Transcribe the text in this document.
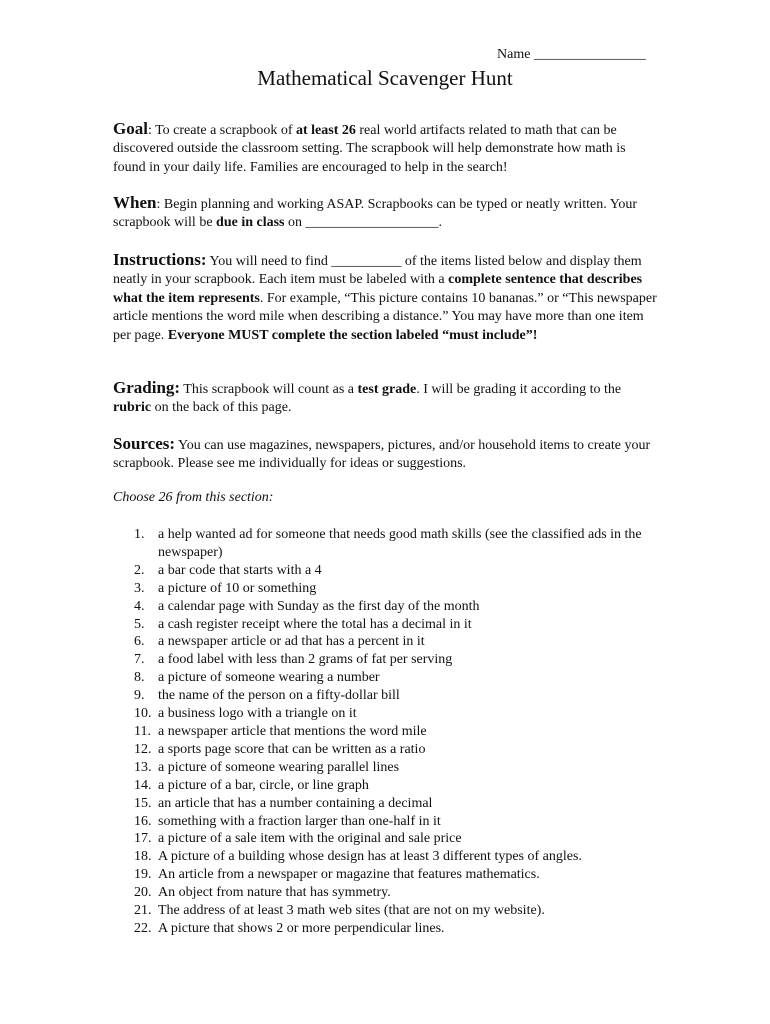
Name ________________
Mathematical Scavenger Hunt

Goal: To create a scrapbook of at least 26 real world artifacts related to math that can be discovered outside the classroom setting. The scrapbook will help demonstrate how math is found in your daily life. Families are encouraged to help in the search!

When: Begin planning and working ASAP. Scrapbooks can be typed or neatly written. Your scrapbook will be due in class on ___________________.

Instructions: You will need to find __________ of the items listed below and display them neatly in your scrapbook. Each item must be labeled with a complete sentence that describes what the item represents. For example, “This picture contains 10 bananas.” or “This newspaper article mentions the word mile when describing a distance.” You may have more than one item per page. Everyone MUST complete the section labeled “must include”!

Grading: This scrapbook will count as a test grade. I will be grading it according to the rubric on the back of this page.

Sources: You can use magazines, newspapers, pictures, and/or household items to create your scrapbook. Please see me individually for ideas or suggestions.

Choose 26 from this section:
1. a help wanted ad for someone that needs good math skills (see the classified ads in the newspaper)
2. a bar code that starts with a 4
3. a picture of 10 or something
4. a calendar page with Sunday as the first day of the month
5. a cash register receipt where the total has a decimal in it
6. a newspaper article or ad that has a percent in it
7. a food label with less than 2 grams of fat per serving
8. a picture of someone wearing a number
9. the name of the person on a fifty-dollar bill
10. a business logo with a triangle on it
11. a newspaper article that mentions the word mile
12. a sports page score that can be written as a ratio
13. a picture of someone wearing parallel lines
14. a picture of a bar, circle, or line graph
15. an article that has a number containing a decimal
16. something with a fraction larger than one-half in it
17. a picture of a sale item with the original and sale price
18. A picture of a building whose design has at least 3 different types of angles.
19. An article from a newspaper or magazine that features mathematics.
20. An object from nature that has symmetry.
21. The address of at least 3 math web sites (that are not on my website).
22. A picture that shows 2 or more perpendicular lines.
